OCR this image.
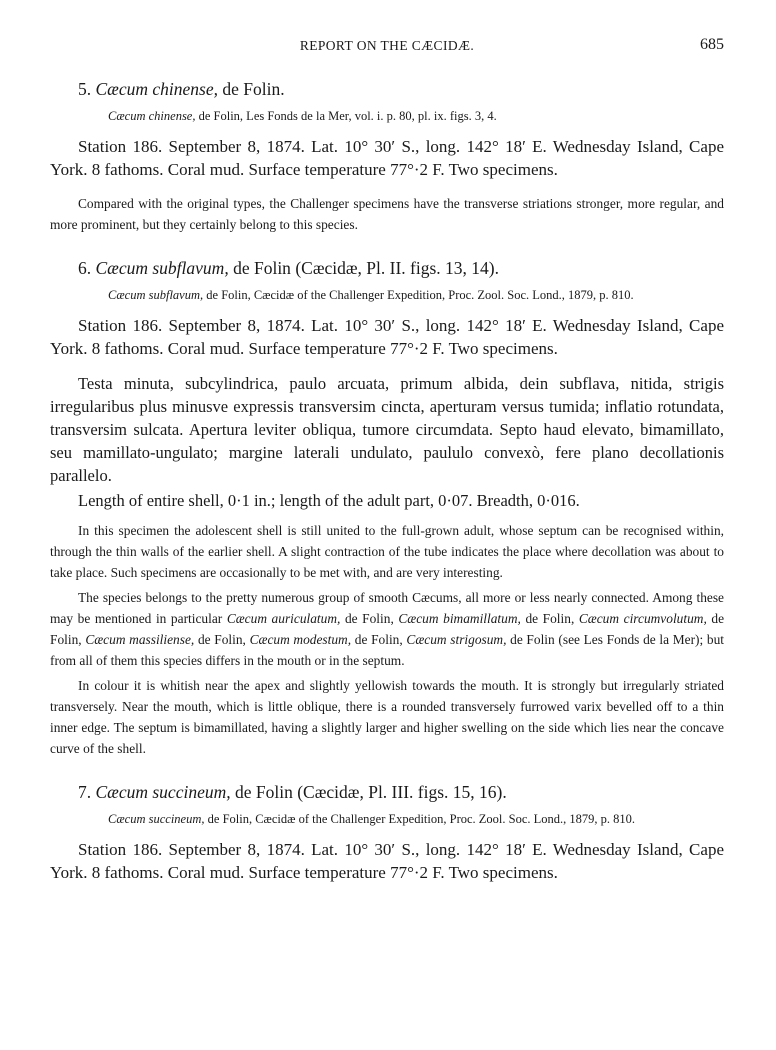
REPORT ON THE CÆCIDÆ.	685

5. Cæcum chinense, de Folin.

Cæcum chinense, de Folin, Les Fonds de la Mer, vol. i. p. 80, pl. ix. figs. 3, 4.

Station 186. September 8, 1874. Lat. 10° 30′ S., long. 142° 18′ E. Wednesday Island, Cape York. 8 fathoms. Coral mud. Surface temperature 77°·2 F. Two specimens.

Compared with the original types, the Challenger specimens have the transverse striations stronger, more regular, and more prominent, but they certainly belong to this species.

6. Cæcum subflavum, de Folin (Cæcidæ, Pl. II. figs. 13, 14).

Cæcum subflavum, de Folin, Cæcidæ of the Challenger Expedition, Proc. Zool. Soc. Lond., 1879, p. 810.

Station 186. September 8, 1874. Lat. 10° 30′ S., long. 142° 18′ E. Wednesday Island, Cape York. 8 fathoms. Coral mud. Surface temperature 77°·2 F. Two specimens.

Testa minuta, subcylindrica, paulo arcuata, primum albida, dein subflava, nitida, strigis irregularibus plus minusve expressis transversim cincta, aperturam versus tumida; inflatio rotundata, transversim sulcata. Apertura leviter obliqua, tumore circumdata. Septo haud elevato, bimamillato, seu mamillato-ungulato; margine laterali undulato, paululo convexò, fere plano decollationis parallelo.

Length of entire shell, 0·1 in.; length of the adult part, 0·07. Breadth, 0·016.

In this specimen the adolescent shell is still united to the full-grown adult, whose septum can be recognised within, through the thin walls of the earlier shell. A slight contraction of the tube indicates the place where decollation was about to take place. Such specimens are occasionally to be met with, and are very interesting.

The species belongs to the pretty numerous group of smooth Cæcums, all more or less nearly connected. Among these may be mentioned in particular Cæcum auriculatum, de Folin, Cæcum bimamillatum, de Folin, Cæcum circumvolutum, de Folin, Cæcum massiliense, de Folin, Cæcum modestum, de Folin, Cæcum strigosum, de Folin (see Les Fonds de la Mer); but from all of them this species differs in the mouth or in the septum.

In colour it is whitish near the apex and slightly yellowish towards the mouth. It is strongly but irregularly striated transversely. Near the mouth, which is little oblique, there is a rounded transversely furrowed varix bevelled off to a thin inner edge. The septum is bimamillated, having a slightly larger and higher swelling on the side which lies near the concave curve of the shell.

7. Cæcum succineum, de Folin (Cæcidæ, Pl. III. figs. 15, 16).

Cæcum succineum, de Folin, Cæcidæ of the Challenger Expedition, Proc. Zool. Soc. Lond., 1879, p. 810.

Station 186. September 8, 1874. Lat. 10° 30′ S., long. 142° 18′ E. Wednesday Island, Cape York. 8 fathoms. Coral mud. Surface temperature 77°·2 F. Two specimens.
